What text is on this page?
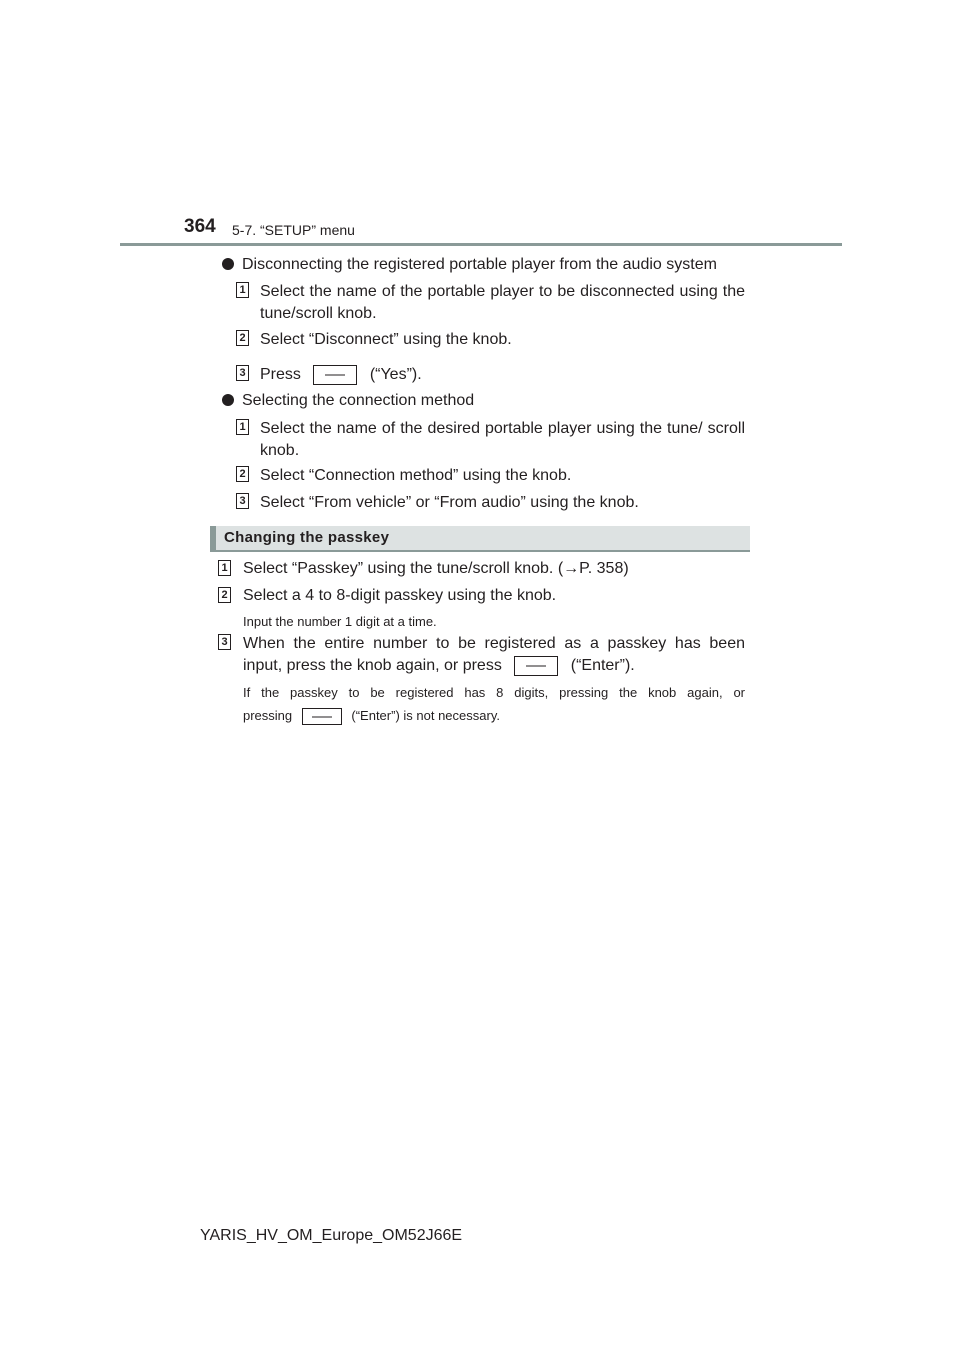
364 5-7. “SETUP” menu
Disconnecting the registered portable player from the audio system
1 Select the name of the portable player to be disconnected using the tune/scroll knob.
2 Select “Disconnect” using the knob.
3 Press	(“Yes”).
Selecting the connection method
1 Select the name of the desired portable player using the tune/ scroll knob.
2 Select “Connection method” using the knob.
3 Select “From vehicle” or “From audio” using the knob.
Changing the passkey
1 Select “Passkey” using the tune/scroll knob. (→P. 358)
2 Select a 4 to 8-digit passkey using the knob.
Input the number 1 digit at a time.
3 When the entire number to be registered as a passkey has been
input, press the knob again, or press	(“Enter”).
If the passkey to be registered has 8 digits, pressing the knob again, or
pressing	(“Enter”) is not necessary.
YARIS_HV_OM_Europe_OM52J66E
